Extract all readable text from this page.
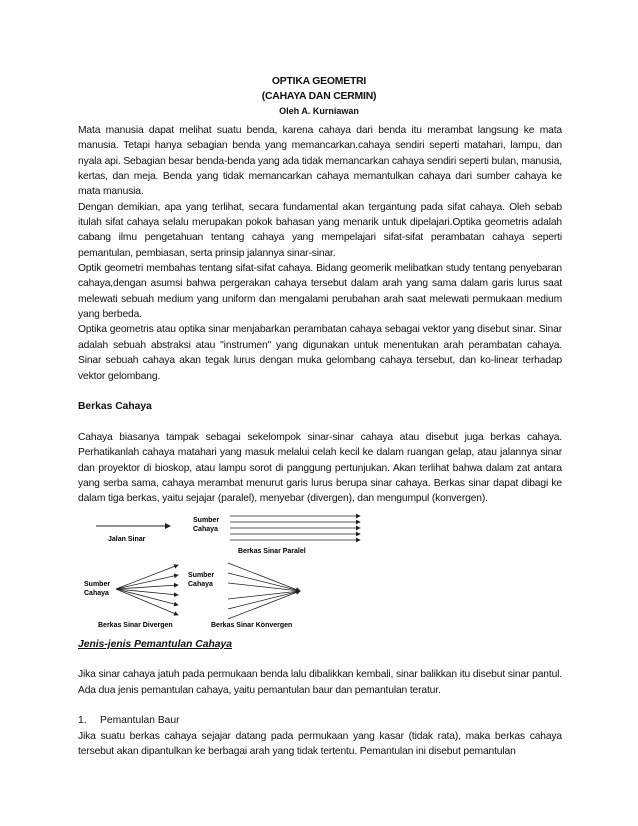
OPTIKA GEOMETRI
(CAHAYA DAN CERMIN)
Oleh A. Kurniawan

Mata manusia dapat melihat suatu benda, karena cahaya dari benda itu merambat langsung ke mata manusia. Tetapi hanya sebagian benda yang memancarkan.cahaya sendiri seperti matahari, lampu, dan nyala api. Sebagian besar benda-benda yang ada tidak memancarkan cahaya sendiri seperti bulan, manusia, kertas, dan meja. Benda yang tidak memancarkan cahaya memantulkan cahaya dari sumber cahaya ke mata manusia.

Dengan demikian, apa yang terlihat, secara fundamental akan tergantung pada sifat cahaya. Oleh sebab itulah sifat cahaya selalu merupakan pokok bahasan yang menarik untuk dipelajari.Optika geometris adalah cabang ilmu pengetahuan tentang cahaya yang mempelajari sifat-sifat perambatan cahaya seperti pemantulan, pembiasan, serta prinsip jalannya sinar-sinar.

Optik geometri membahas tentang sifat-sifat cahaya. Bidang geomerik melibatkan study tentang penyebaran cahaya,dengan asumsi bahwa pergerakan cahaya tersebut dalam arah yang sama dalam garis lurus saat melewati sebuah medium yang uniform dan mengalami perubahan arah saat melewati permukaan medium yang berbeda.

Optika geometris atau optika sinar menjabarkan perambatan cahaya sebagai vektor yang disebut sinar. Sinar adalah sebuah abstraksi atau "instrumen" yang digunakan untuk menentukan arah perambatan cahaya. Sinar sebuah cahaya akan tegak lurus dengan muka gelombang cahaya tersebut, dan ko-linear terhadap vektor gelombang.

Berkas Cahaya

Cahaya biasanya tampak sebagai sekelompok sinar-sinar cahaya atau disebut juga berkas cahaya. Perhatikanlah cahaya matahari yang masuk melalui celah kecil ke dalam ruangan gelap, atau jalannya sinar dan proyektor di bioskop, atau lampu sorot di panggung pertunjukan. Akan terlihat bahwa dalam zat antara yang serba sama, cahaya merambat menurut garis lurus berupa sinar cahaya. Berkas sinar dapat dibagi ke dalam tiga berkas, yaitu sejajar (paralel), menyebar (divergen), dan mengumpul (konvergen).

Jalan Sinar
Sumber
Cahaya
Berkas Sinar Paralel
Sumber
Cahaya
Berkas Sinar Divergen
Sumber
Cahaya
Berkas Sinar Konvergen

Jenis-jenis Pemantulan Cahaya

Jika sinar cahaya jatuh pada permukaan benda lalu dibalikkan kembali, sinar balikkan itu disebut sinar pantul. Ada dua jenis pemantulan cahaya, yaitu pemantulan baur dan pemantulan teratur.

1. Pemantulan Baur

Jika suatu berkas cahaya sejajar datang pada permukaan yang kasar (tidak rata), maka berkas cahaya tersebut akan dipantulkan ke berbagai arah yang tidak tertentu. Pemantulan ini disebut pemantulan
